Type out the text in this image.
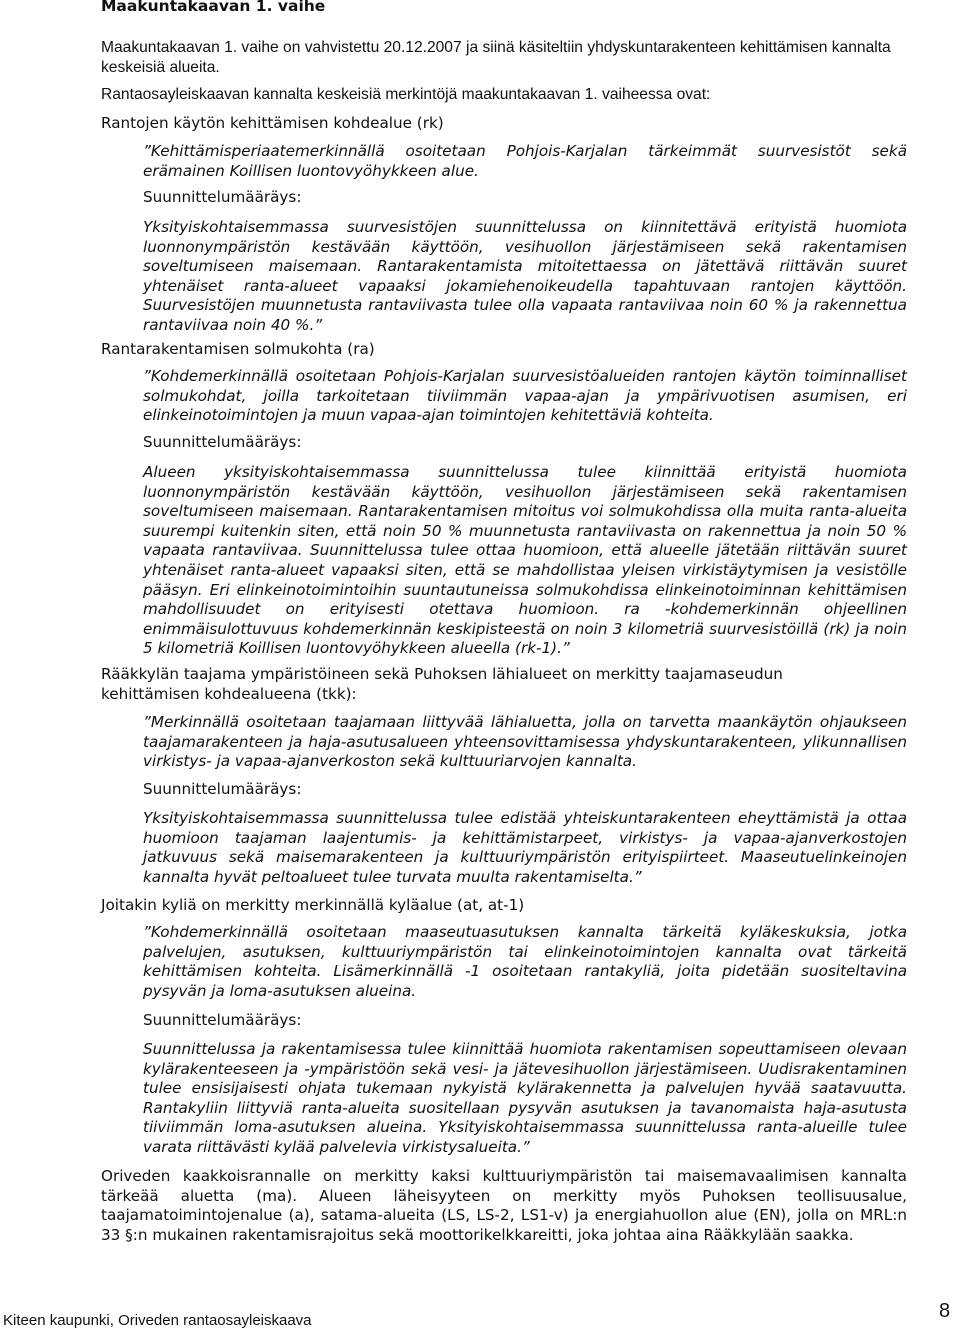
Maakuntakaavan 1. vaihe

Maakuntakaavan 1. vaihe on vahvistettu 20.12.2007 ja siinä käsiteltiin yhdyskuntarakenteen kehittämisen kannalta keskeisiä alueita.

Rantaosayleiskaavan kannalta keskeisiä merkintöjä maakuntakaavan 1. vaiheessa ovat:

Rantojen käytön kehittämisen kohdealue (rk)

”Kehittämisperiaatemerkinnällä osoitetaan Pohjois-Karjalan tärkeimmät suurvesistöt sekä erämainen Koillisen luontovyöhykkeen alue.

Suunnittelumääräys:

Yksityiskohtaisemmassa suurvesistöjen suunnittelussa on kiinnitettävä erityistä huomiota luonnonympäristön kestävään käyttöön, vesihuollon järjestämiseen sekä rakentamisen soveltumiseen maisemaan. Rantarakentamista mitoitettaessa on jätettävä riittävän suuret yhtenäiset ranta-alueet vapaaksi jokamiehenoikeudella tapahtuvaan rantojen käyttöön. Suurvesistöjen muunnetusta rantaviivasta tulee olla vapaata rantaviivaa noin 60 % ja rakennettua rantaviivaa noin 40 %.”

Rantarakentamisen solmukohta (ra)

”Kohdemerkinnällä osoitetaan Pohjois-Karjalan suurvesistöalueiden rantojen käytön toiminnalliset solmukohdat, joilla tarkoitetaan tiiviimmän vapaa-ajan ja ympärivuotisen asumisen, eri elinkeinotoimintojen ja muun vapaa-ajan toimintojen kehitettäviä kohteita.

Suunnittelumääräys:

Alueen yksityiskohtaisemmassa suunnittelussa tulee kiinnittää erityistä huomiota luonnonympäristön kestävään käyttöön, vesihuollon järjestämiseen sekä rakentamisen soveltumiseen maisemaan. Rantarakentamisen mitoitus voi solmukohdissa olla muita ranta-alueita suurempi kuitenkin siten, että noin 50 % muunnetusta rantaviivasta on rakennettua ja noin 50 % vapaata rantaviivaa. Suunnittelussa tulee ottaa huomioon, että alueelle jätetään riittävän suuret yhtenäiset ranta-alueet vapaaksi siten, että se mahdollistaa yleisen virkistäytymisen ja vesistölle pääsyn. Eri elinkeinotoimintoihin suuntautuneissa solmukohdissa elinkeinotoiminnan kehittämisen mahdollisuudet on erityisesti otettava huomioon. ra -kohdemerkinnän ohjeellinen enimmäisulottuvuus kohdemerkinnän keskipisteestä on noin 3 kilometriä suurvesistöillä (rk) ja noin 5 kilometriä Koillisen luontovyöhykkeen alueella (rk-1).”

Rääkkylän taajama ympäristöineen sekä Puhoksen lähialueet on merkitty taajamaseudun kehittämisen kohdealueena (tkk):

”Merkinnällä osoitetaan taajamaan liittyvää lähialuetta, jolla on tarvetta maankäytön ohjaukseen taajamarakenteen ja haja-asutusalueen yhteensovittamisessa yhdyskuntarakenteen, ylikunnallisen virkistys- ja vapaa-ajanverkoston sekä kulttuuriarvojen kannalta.

Suunnittelumääräys:

Yksityiskohtaisemmassa suunnittelussa tulee edistää yhteiskuntarakenteen eheyttämistä ja ottaa huomioon taajaman laajentumis- ja kehittämistarpeet, virkistys- ja vapaa-ajanverkostojen jatkuvuus sekä maisemarakenteen ja kulttuuriympäristön erityispiirteet. Maaseutuelinkeinojen kannalta hyvät peltoalueet tulee turvata muulta rakentamiselta.”

Joitakin kyliä on merkitty merkinnällä kyläalue (at, at-1)

”Kohdemerkinnällä osoitetaan maaseutuasutuksen kannalta tärkeitä kyläkeskuksia, jotka palvelujen, asutuksen, kulttuuriympäristön tai elinkeinotoimintojen kannalta ovat tärkeitä kehittämisen kohteita. Lisämerkinnällä -1 osoitetaan rantakyliä, joita pidetään suositeltavina pysyvän ja loma-asutuksen alueina.

Suunnittelumääräys:

Suunnittelussa ja rakentamisessa tulee kiinnittää huomiota rakentamisen sopeuttamiseen olevaan kylärakenteeseen ja -ympäristöön sekä vesi- ja jätevesihuollon järjestämiseen. Uudisrakentaminen tulee ensisijaisesti ohjata tukemaan nykyistä kylärakennetta ja palvelujen hyvää saatavuutta. Rantakyliin liittyviä ranta-alueita suositellaan pysyvän asutuksen ja tavanomaista haja-asutusta tiiviimmän loma-asutuksen alueina. Yksityiskohtaisemmassa suunnittelussa ranta-alueille tulee varata riittävästi kylää palvelevia virkistysalueita.”

Oriveden kaakkoisrannalle on merkitty kaksi kulttuuriympäristön tai maisemavaalimisen kannalta tärkeää aluetta (ma). Alueen läheisyyteen on merkitty myös Puhoksen teollisuusalue, taajamatoimintojenalue (a), satama-alueita (LS, LS-2, LS1-v) ja energiahuollon alue (EN), jolla on MRL:n 33 §:n mukainen rakentamisrajoitus sekä moottorikelkkareitti, joka johtaa aina Rääkkylään saakka.

Kiteen kaupunki, Oriveden rantaosayleiskaava	8
